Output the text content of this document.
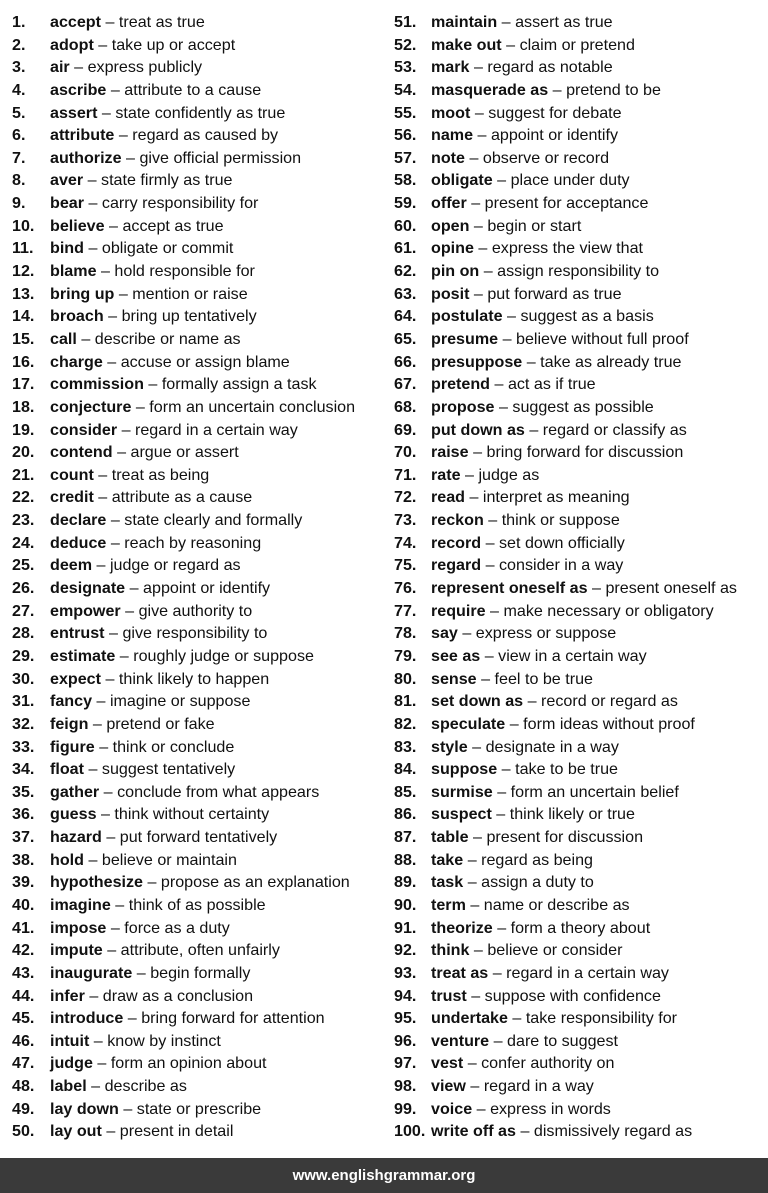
1.	accept – treat as true
2.	adopt – take up or accept
3.	air – express publicly
4.	ascribe – attribute to a cause
5.	assert – state confidently as true
6.	attribute – regard as caused by
7.	authorize – give official permission
8.	aver – state firmly as true
9.	bear – carry responsibility for
10. believe – accept as true
11.	bind – obligate or commit
12. blame – hold responsible for
13. bring up – mention or raise
14. broach – bring up tentatively
15. call – describe or name as
16. charge – accuse or assign blame
17. commission – formally assign a task
18. conjecture – form an uncertain conclusion
19. consider – regard in a certain way
20. contend – argue or assert
21. count – treat as being
22. credit – attribute as a cause
23. declare – state clearly and formally
24. deduce – reach by reasoning
25. deem – judge or regard as
26. designate – appoint or identify
27. empower – give authority to
28. entrust – give responsibility to
29. estimate – roughly judge or suppose
30. expect – think likely to happen
31. fancy – imagine or suppose
32. feign – pretend or fake
33. figure – think or conclude
34. float – suggest tentatively
35. gather – conclude from what appears
36. guess – think without certainty
37. hazard – put forward tentatively
38. hold – believe or maintain
39. hypothesize – propose as an explanation
40. imagine – think of as possible
41. impose – force as a duty
42. impute – attribute, often unfairly
43. inaugurate – begin formally
44. infer – draw as a conclusion
45. introduce – bring forward for attention
46. intuit – know by instinct
47. judge – form an opinion about
48. label – describe as
49. lay down – state or prescribe
50. lay out – present in detail
51. maintain – assert as true
52. make out – claim or pretend
53. mark – regard as notable
54. masquerade as – pretend to be
55. moot – suggest for debate
56. name – appoint or identify
57. note – observe or record
58. obligate – place under duty
59. offer – present for acceptance
60. open – begin or start
61. opine – express the view that
62. pin on – assign responsibility to
63. posit – put forward as true
64. postulate – suggest as a basis
65. presume – believe without full proof
66. presuppose – take as already true
67. pretend – act as if true
68. propose – suggest as possible
69. put down as – regard or classify as
70. raise – bring forward for discussion
71. rate – judge as
72. read – interpret as meaning
73. reckon – think or suppose
74. record – set down officially
75. regard – consider in a way
76. represent oneself as – present oneself as
77. require – make necessary or obligatory
78. say – express or suppose
79. see as – view in a certain way
80. sense – feel to be true
81. set down as – record or regard as
82. speculate – form ideas without proof
83. style – designate in a way
84. suppose – take to be true
85. surmise – form an uncertain belief
86. suspect – think likely or true
87. table – present for discussion
88. take – regard as being
89. task – assign a duty to
90. term – name or describe as
91. theorize – form a theory about
92. think – believe or consider
93. treat as – regard in a certain way
94. trust – suppose with confidence
95. undertake – take responsibility for
96. venture – dare to suggest
97. vest – confer authority on
98. view – regard in a way
99. voice – express in words
100. write off as – dismissively regard as
www.englishgrammar.org
